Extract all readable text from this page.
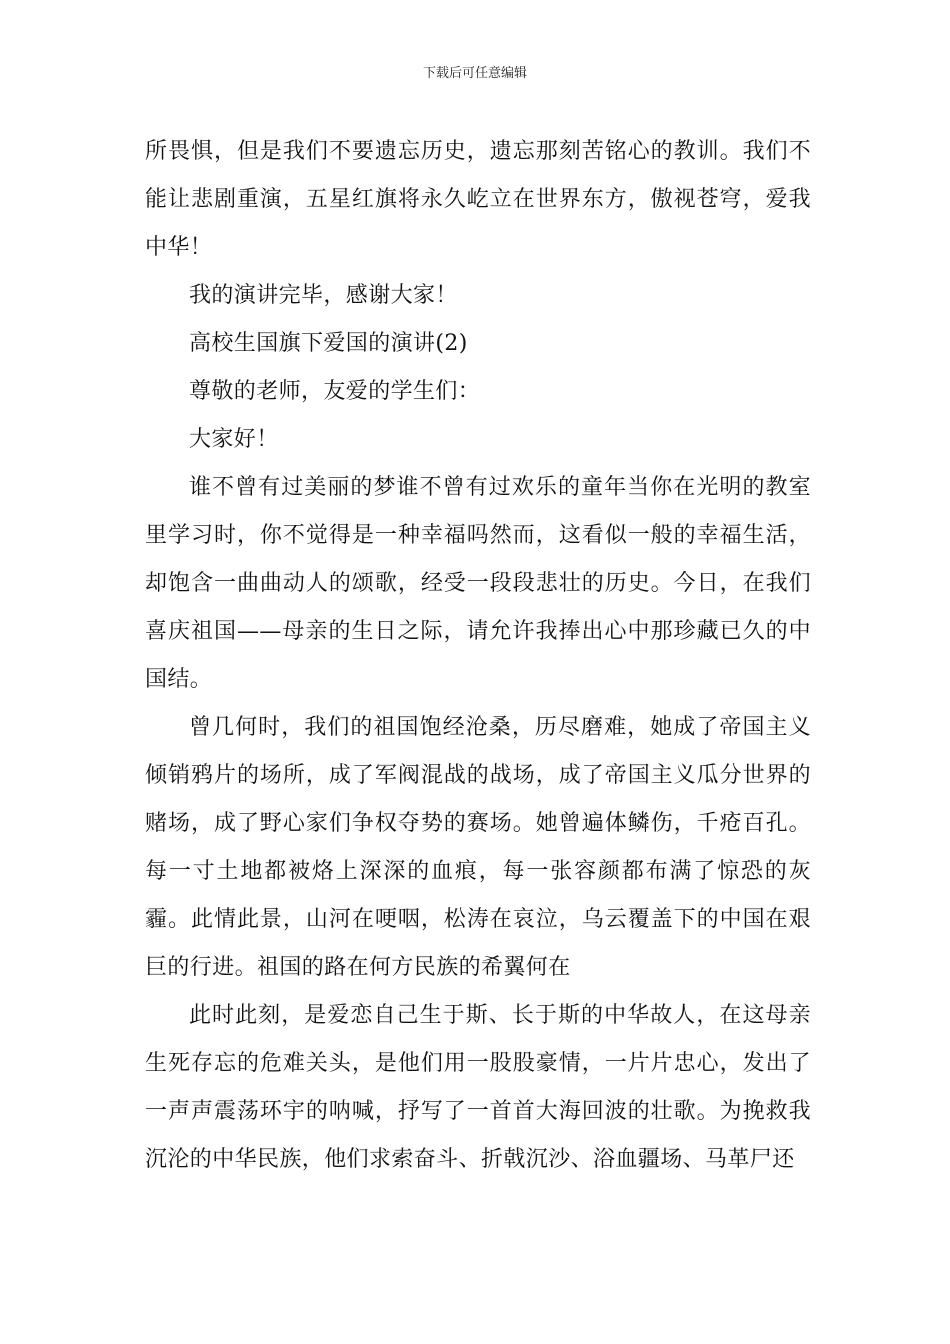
下载后可任意编辑

所畏惧，但是我们不要遗忘历史，遗忘那刻苦铭心的教训。我们不能让悲剧重演，五星红旗将永久屹立在世界东方，傲视苍穹，爱我中华！

我的演讲完毕，感谢大家！

高校生国旗下爱国的演讲(2)

尊敬的老师，友爱的学生们：

大家好！

谁不曾有过美丽的梦谁不曾有过欢乐的童年当你在光明的教室里学习时，你不觉得是一种幸福吗然而，这看似一般的幸福生活，却饱含一曲曲动人的颂歌，经受一段段悲壮的历史。今日，在我们喜庆祖国——母亲的生日之际，请允许我捧出心中那珍藏已久的中国结。

曾几何时，我们的祖国饱经沧桑，历尽磨难，她成了帝国主义倾销鸦片的场所，成了军阀混战的战场，成了帝国主义瓜分世界的赌场，成了野心家们争权夺势的赛场。她曾遍体鳞伤，千疮百孔。每一寸土地都被烙上深深的血痕，每一张容颜都布满了惊恐的灰霾。此情此景，山河在哽咽，松涛在哀泣，乌云覆盖下的中国在艰巨的行进。祖国的路在何方民族的希翼何在

此时此刻，是爱恋自己生于斯、长于斯的中华故人，在这母亲生死存忘的危难关头，是他们用一股股豪情，一片片忠心，发出了一声声震荡环宇的呐喊，抒写了一首首大海回波的壮歌。为挽救我沉沦的中华民族，他们求索奋斗、折戟沉沙、浴血疆场、马革尸还
